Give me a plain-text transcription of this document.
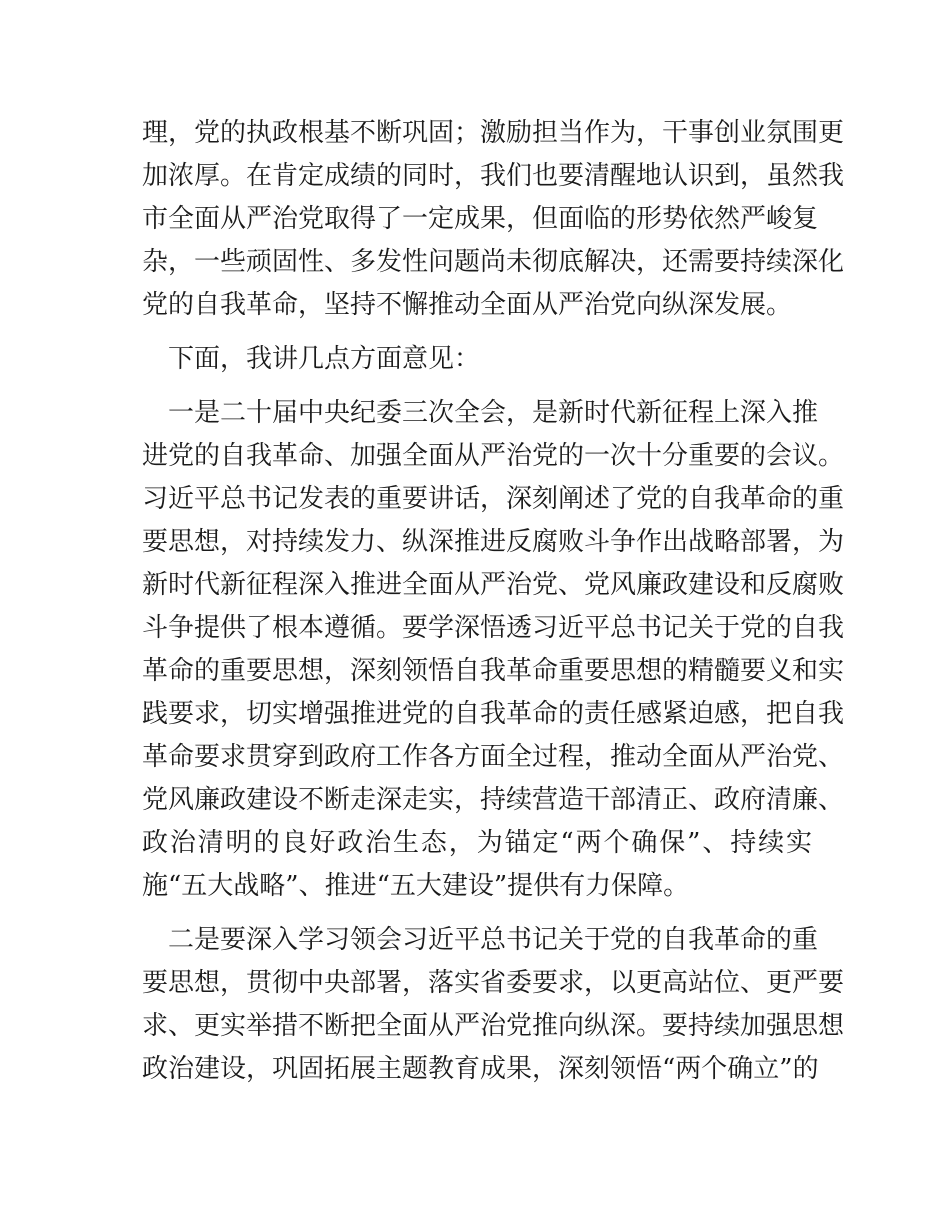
理，党的执政根基不断巩固；激励担当作为，干事创业氛围更
加浓厚。在肯定成绩的同时，我们也要清醒地认识到，虽然我
市全面从严治党取得了一定成果，但面临的形势依然严峻复
杂，一些顽固性、多发性问题尚未彻底解决，还需要持续深化
党的自我革命，坚持不懈推动全面从严治党向纵深发展。
　下面，我讲几点方面意见：
　一是二十届中央纪委三次全会，是新时代新征程上深入推
进党的自我革命、加强全面从严治党的一次十分重要的会议。
习近平总书记发表的重要讲话，深刻阐述了党的自我革命的重
要思想，对持续发力、纵深推进反腐败斗争作出战略部署，为
新时代新征程深入推进全面从严治党、党风廉政建设和反腐败
斗争提供了根本遵循。要学深悟透习近平总书记关于党的自我
革命的重要思想，深刻领悟自我革命重要思想的精髓要义和实
践要求，切实增强推进党的自我革命的责任感紧迫感，把自我
革命要求贯穿到政府工作各方面全过程，推动全面从严治党、
党风廉政建设不断走深走实，持续营造干部清正、政府清廉、
政治清明的良好政治生态，为锚定“两个确保”、持续实
施“五大战略”、推进“五大建设”提供有力保障。
　二是要深入学习领会习近平总书记关于党的自我革命的重
要思想，贯彻中央部署，落实省委要求，以更高站位、更严要
求、更实举措不断把全面从严治党推向纵深。要持续加强思想
政治建设，巩固拓展主题教育成果，深刻领悟“两个确立”的
